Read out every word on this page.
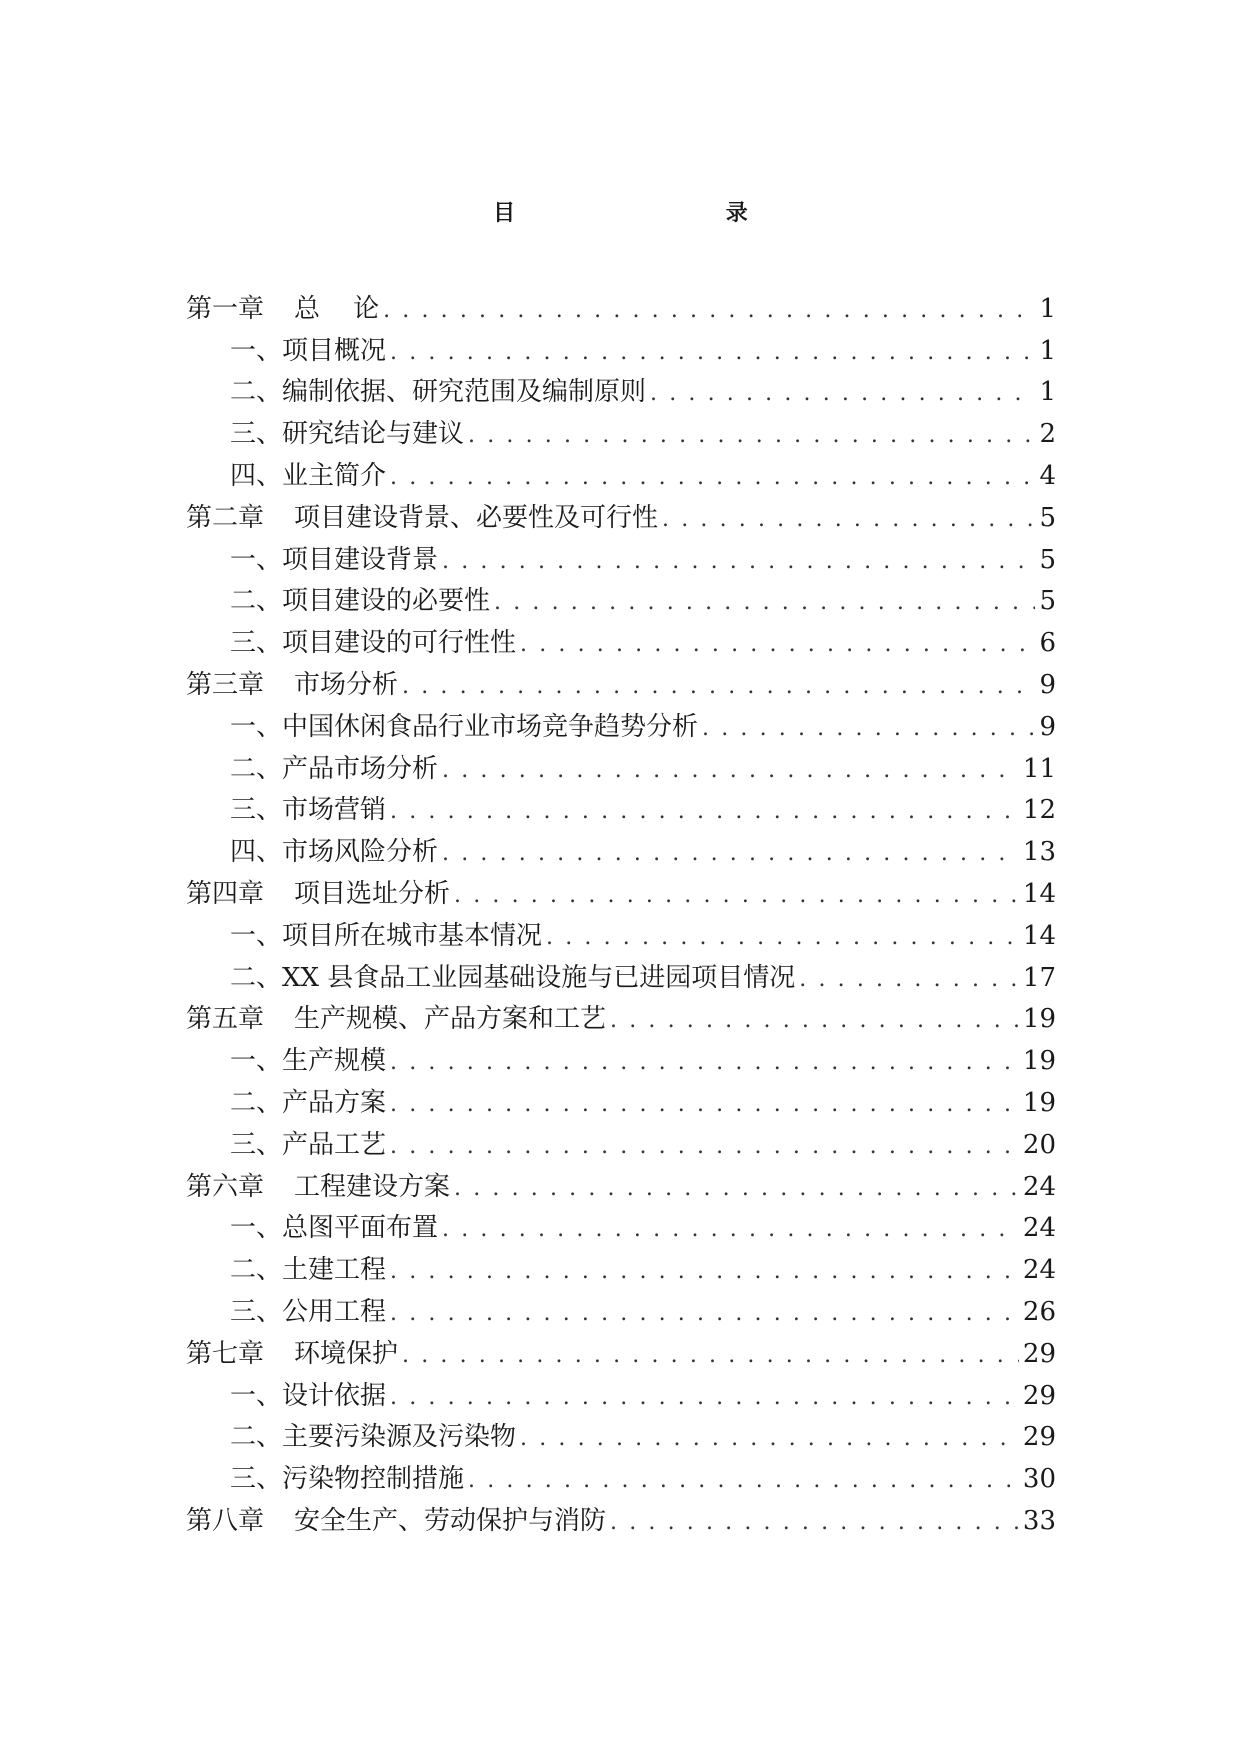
目    录
第一章 总    论 . . .	1
一、项目概况 . . .	1
二、编制依据、研究范围及编制原则 . . .	1
三、研究结论与建议 . . .	2
四、业主简介 . . .	4
第二章 项目建设背景、必要性及可行性 . . .	5
一、项目建设背景 . . .	5
二、项目建设的必要性 . . .	5
三、项目建设的可行性性 . . .	6
第三章 市场分析 . . .	9
一、中国休闲食品行业市场竞争趋势分析 . . .	9
二、产品市场分析 . . .	11
三、市场营销 . . .	12
四、市场风险分析 . . .	13
第四章 项目选址分析 . . .	14
一、项目所在城市基本情况 . . .	14
二、XX 县食品工业园基础设施与已进园项目情况 . . .	17
第五章 生产规模、产品方案和工艺 . . .	19
一、生产规模 . . .	19
二、产品方案 . . .	19
三、产品工艺 . . .	20
第六章 工程建设方案 . . .	24
一、总图平面布置 . . .	24
二、土建工程 . . .	24
三、公用工程 . . .	26
第七章 环境保护 . . .	29
一、设计依据 . . .	29
二、主要污染源及污染物 . . .	29
三、污染物控制措施 . . .	30
第八章 安全生产、劳动保护与消防 . . .	33
